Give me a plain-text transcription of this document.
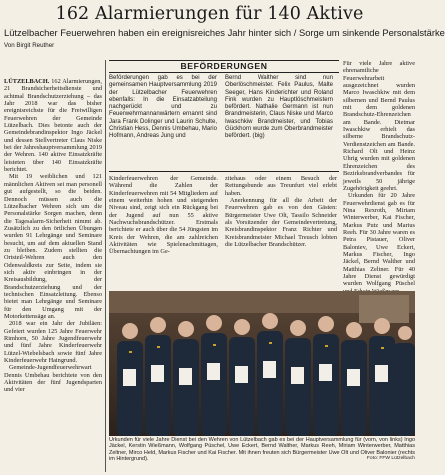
162 Alarmierungen für 140 Aktive
Lützelbacher Feuerwehren haben ein ereignisreiches Jahr hinter sich / Sorge um sinkende Personalstärke
Von Birgit Reuther

LÜTZELBACH. 162 Alarmierungen, 21 Brandsicherheitsdienste und achtmal Brandschutzerziehung – das Jahr 2018 war das bisher ereignisreichste für die Freiwilligen Feuerwehren der Gemeinde Lützelbach. Dies betonte auch der Gemeindebrandinspektor Ingo Jäckel und dessen Stellvertreter Claus Niske bei der Jahreshauptversammlung 2019 der Wehren. 140 aktive Einsatzkräfte leisteten über 140 Einsatzkräfte berichtet.

Mit 19 weiblichen und 121 männlichen Aktiven sei man personell gut aufgestellt, so die beiden. Dennoch müssen auch die Lützelbacher Wehren sich um die Personalstärke Sorgen machen, denn die Tagesalarm-Sicherheit nimmt ab. Zusätzlich zu den örtlichen Übungen wurden 91 Lehrgänge und Seminare besucht, um auf dem aktuellen Stand zu bleiben. Zudem stellten die Ortsteil-Wehren auch den Odenwaldkreis zur Seite, indem sie sich aktiv einbringen in der Kreisausbildung, der Brandschutzerziehung und der technischen Einsatzleitung. Ebenso bietet man Lehrgänge und Seminare für den Umgang mit der Motorkettensäge an.

2018 war ein Jahr der Jubiläen: Gefeiert wurden 125 Jahre Feuerwehr Rimhorn, 50 Jahre Jugendfeuerwehr und fünf Jahre Kinderfeuerwehr Lützel-Wiebelsbach sowie fünf Jahre Kinderfeuerwehr Haingrund.

Gemeinde-Jugendfeuerwehrwart Dennis Umbehau berichtete von den Aktivitäten der fünf Jugendsparten und vier

BEFÖRDERUNGEN

Beförderungen gab es bei der gemeinsamen Hauptversammlung 2019 der Lützelbacher Feuerwehren ebenfalls: In die Einsatzabteilung nachgerückt und zu Feuerwehrmannanwärtern ernannt sind Jara Frank Dolinger und Laurin Schulte, Christian Hess, Dennis Umbehau, Mario Hofmann, Andreas Jung und

Bernd Walther sind nun Oberlöschmeister. Felix Paulus, Malte Seeger, Hans Kinderichter und Roland Fink wurden zu Hauptlöschmeistern befördert. Nathalie Germann ist nun Brandmeisterin, Claus Niske und Marco Iwaschkiw Brandmeister, und Tobias Gückhorn wurde zum Oberbrandmeister befördert. (big)

Kinderfeuerwehren der Gemeinde. Während die Zahlen der Kinderfeuerwehren mit 54 Mitgliedern auf einem weiterhin hohen und steigenden Niveau sind, zeigt sich ein Rückgang bei der Jugend auf nun 55 aktive Nachwuchsbrandschützer. Erstmals berichtete er auch über die 54 Jüngsten im Kreis der Wehren, die am zahlreichen Aktivitäten wie Spielenachmittagen, Übernachtungen im Ge-

zitehaus oder einem Besuch der Rettungsbunde aus Treunfurt viel erlebt haben.

Anerkennung für all die Arbeit der Feuerwehren gab es von den Gästen: Bürgermeister Uwe Olt, Tassilo Schneider als Vorsitzender der Gemeindevertretung, Kreisbrandinspektor Franz Richter und Kreisbrandmeister Michael Treusch lobten die Lützelbacher Brandschützer.

Für viele Jahre aktive ehrenamtliche Feuerwehrarbeit ausgezeichnet wurden Marco Iwaschkiw mit dem silbernen und Bernd Paulus mit dem goldenen Brandschutz-Ehrenzeichen am Bande. Dietmar Iwaschkiw erhielt das silberne Brandschutz-Verdienstzeichen am Bande. Richard Olt und Heinz Uhrig wurden mit goldenen Ehrenzeichen des Bezirksbrandverbandes für jeweils 50 jährige Zugehörigkeit geehrt.

Urkunden für 20 Jahre Feuerwehrdienst gab es für Nina Rexroth, Miriam Winterwerber, Kai Fischer, Markus Putz und Marius Reeh. Für 30 Jahre waren es Petra Pistauer, Oliver Baloniev, Uwe Eckert, Markus Fischer, Ingo Jäckel, Bernd Walther und Matthias Zeltner. Für 40 Jahre Dienst gewürdigt wurden Wolfgang Püschel

Urkunden für viele Jahre Dienst bei den Wehren von Lützelbach gab es bei der Hauptversammlung für (vorn, von links) Ingo Jäckel, Kerstin Wießmann, Wolfgang Püschel, Uwe Eckert, Bernd Walther, Markus Reeh, Miriam Winterwerber, Matthias Zeltner, Mirco Held, Markus Fischer und Kai Fischer. Mit ihnen freuten sich Bürgermeister Uwe Olt und Oliver Balonier (rechts im Hintergrund).	Foto: FFW Lützelbach
